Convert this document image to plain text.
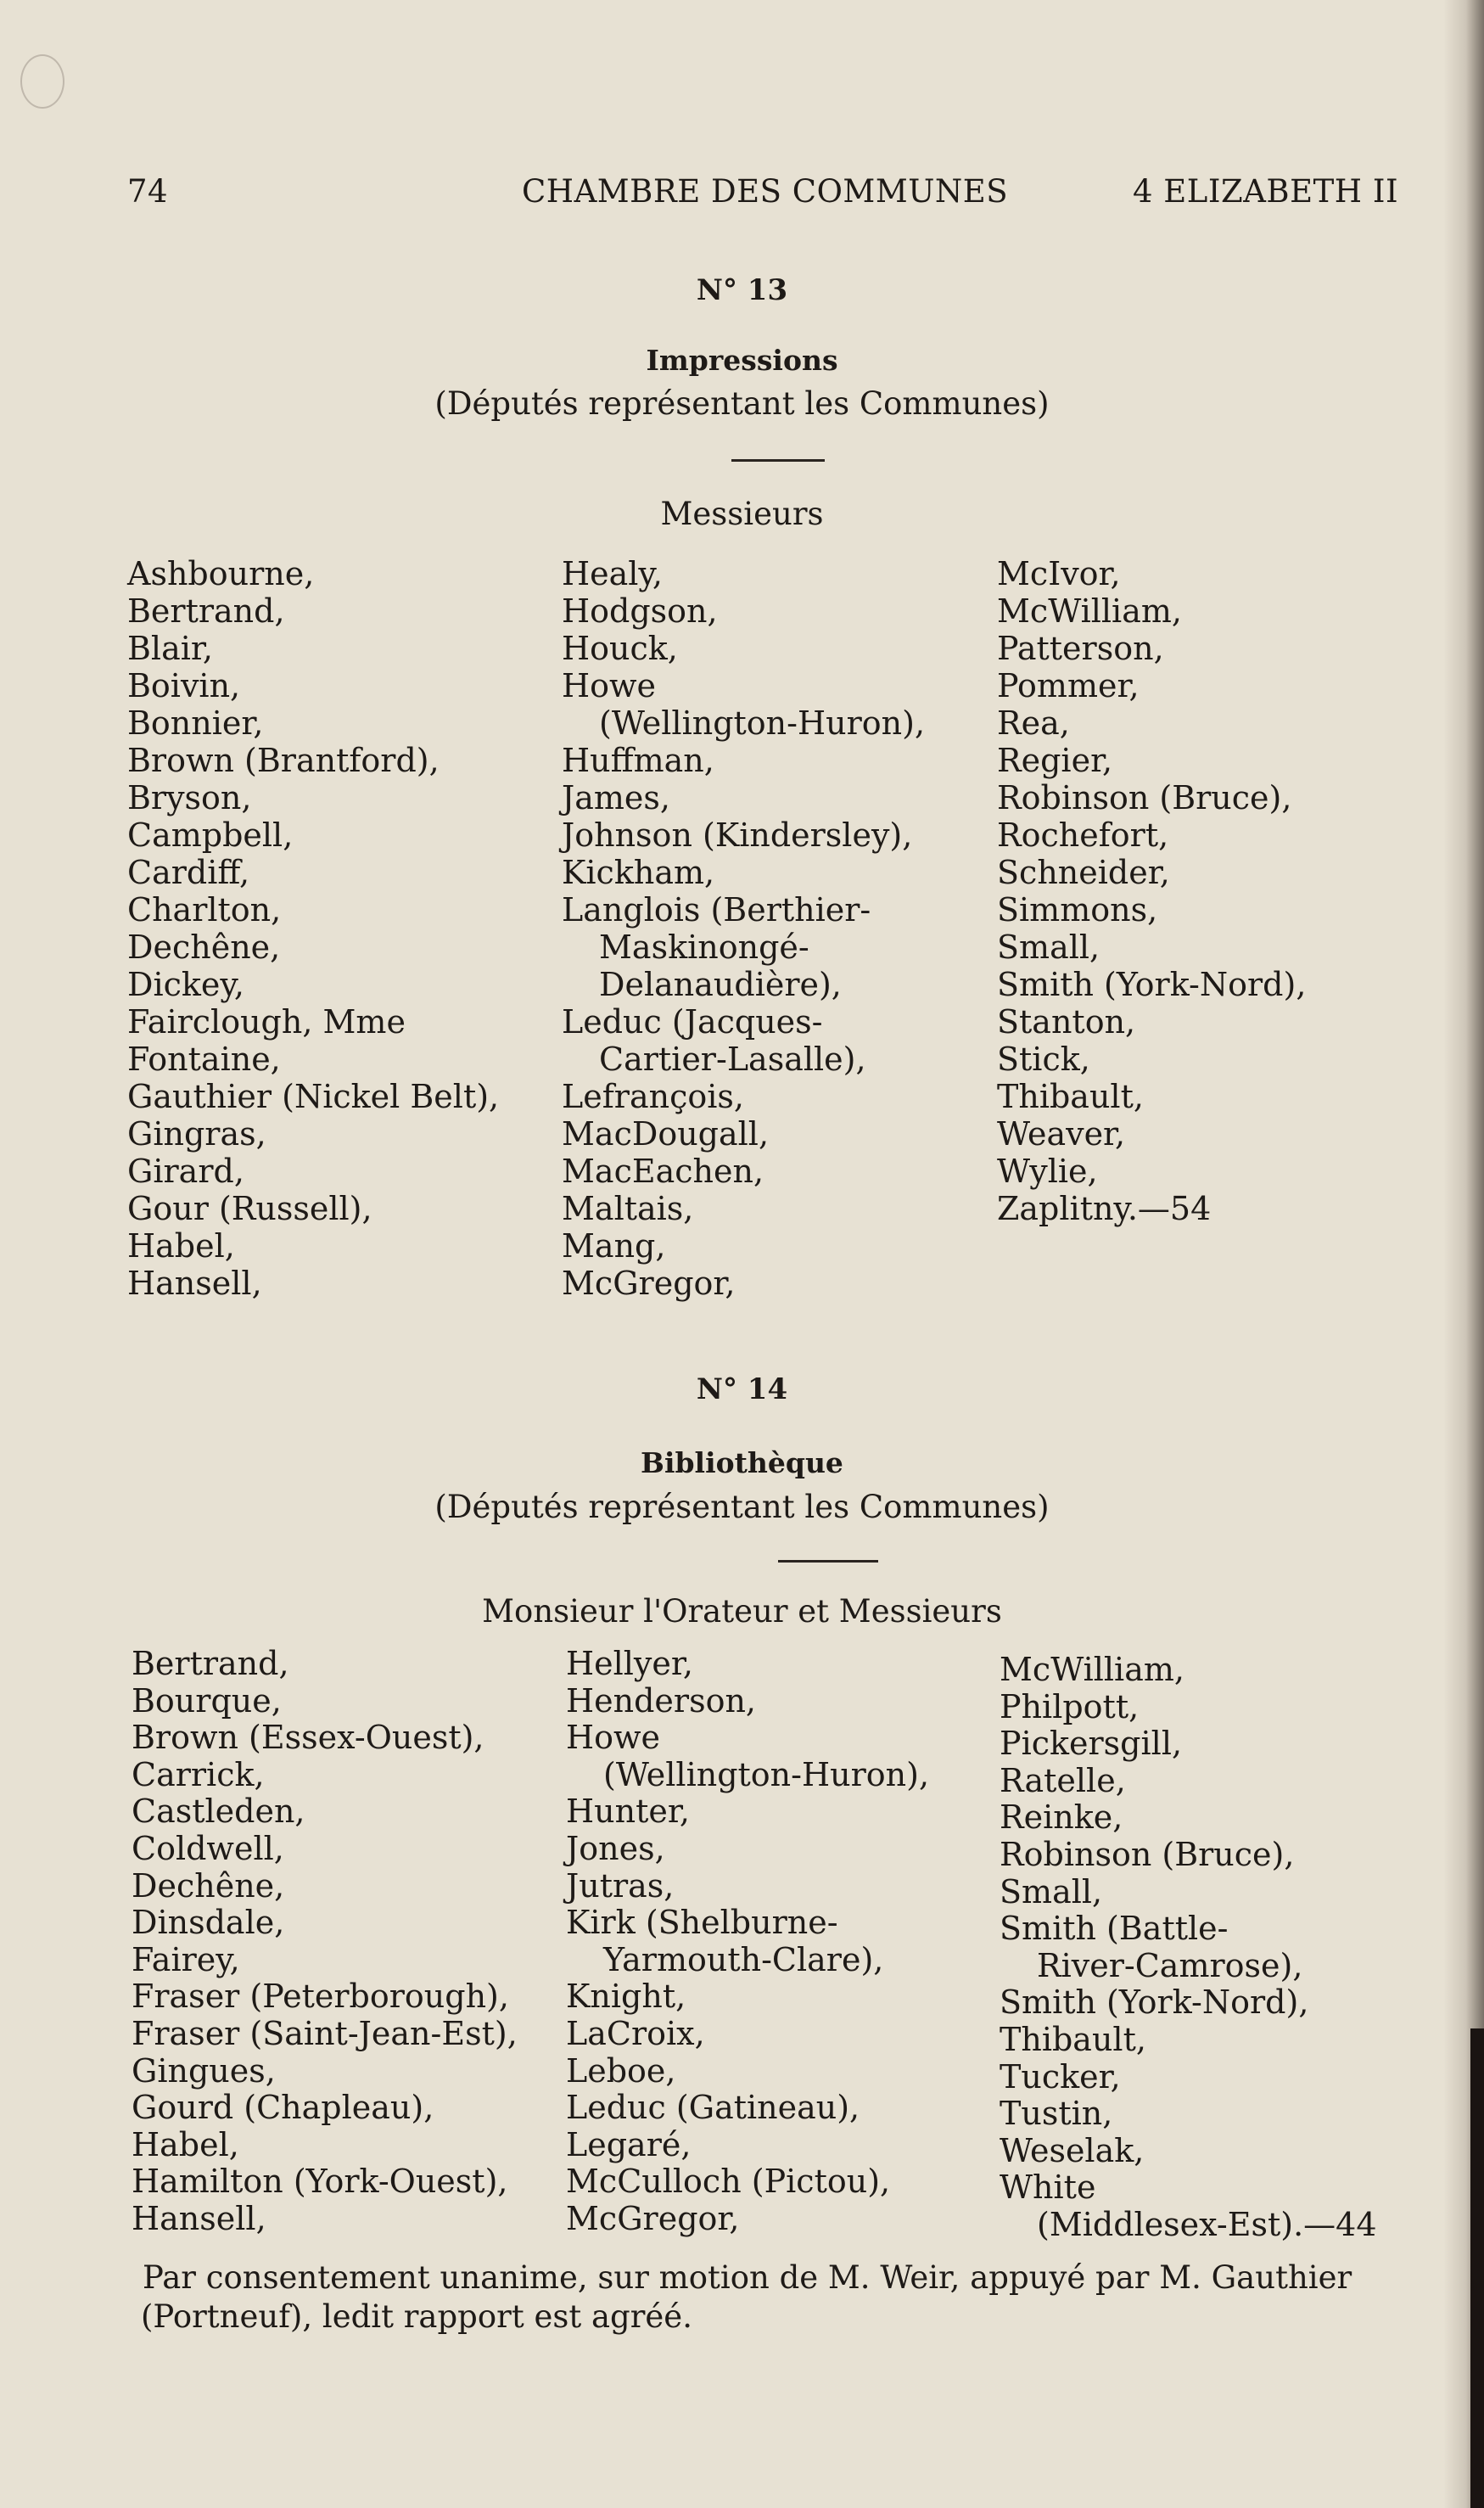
74	CHAMBRE DES COMMUNES	4 ELIZABETH II
N° 13
Impressions
(Députés représentant les Communes)
Messieurs
Ashbourne,
Bertrand,
Blair,
Boivin,
Bonnier,
Brown (Brantford),
Bryson,
Campbell,
Cardiff,
Charlton,
Dechêne,
Dickey,
Fairclough, Mme
Fontaine,
Gauthier (Nickel Belt),
Gingras,
Girard,
Gour (Russell),
Habel,
Hansell,
Healy,
Hodgson,
Houck,
Howe
(Wellington-Huron),
Huffman,
James,
Johnson (Kindersley),
Kickham,
Langlois (Berthier-
Maskinongé-
Delanaudière),
Leduc (Jacques-
Cartier-Lasalle),
Lefrançois,
MacDougall,
MacEachen,
Maltais,
Mang,
McGregor,
McIvor,
McWilliam,
Patterson,
Pommer,
Rea,
Regier,
Robinson (Bruce),
Rochefort,
Schneider,
Simmons,
Small,
Smith (York-Nord),
Stanton,
Stick,
Thibault,
Weaver,
Wylie,
Zaplitny.—54
N° 14
Bibliothèque
(Députés représentant les Communes)
Monsieur l'Orateur et Messieurs
Bertrand,
Bourque,
Brown (Essex-Ouest),
Carrick,
Castleden,
Coldwell,
Dechêne,
Dinsdale,
Fairey,
Fraser (Peterborough),
Fraser (Saint-Jean-Est),
Gingues,
Gourd (Chapleau),
Habel,
Hamilton (York-Ouest),
Hansell,
Hellyer,
Henderson,
Howe
(Wellington-Huron),
Hunter,
Jones,
Jutras,
Kirk (Shelburne-
Yarmouth-Clare),
Knight,
LaCroix,
Leboe,
Leduc (Gatineau),
Legaré,
McCulloch (Pictou),
McGregor,
McWilliam,
Philpott,
Pickersgill,
Ratelle,
Reinke,
Robinson (Bruce),
Small,
Smith (Battle-
River-Camrose),
Smith (York-Nord),
Thibault,
Tucker,
Tustin,
Weselak,
White
(Middlesex-Est).—44
Par consentement unanime, sur motion de M. Weir, appuyé par M. Gauthier
(Portneuf), ledit rapport est agréé.
